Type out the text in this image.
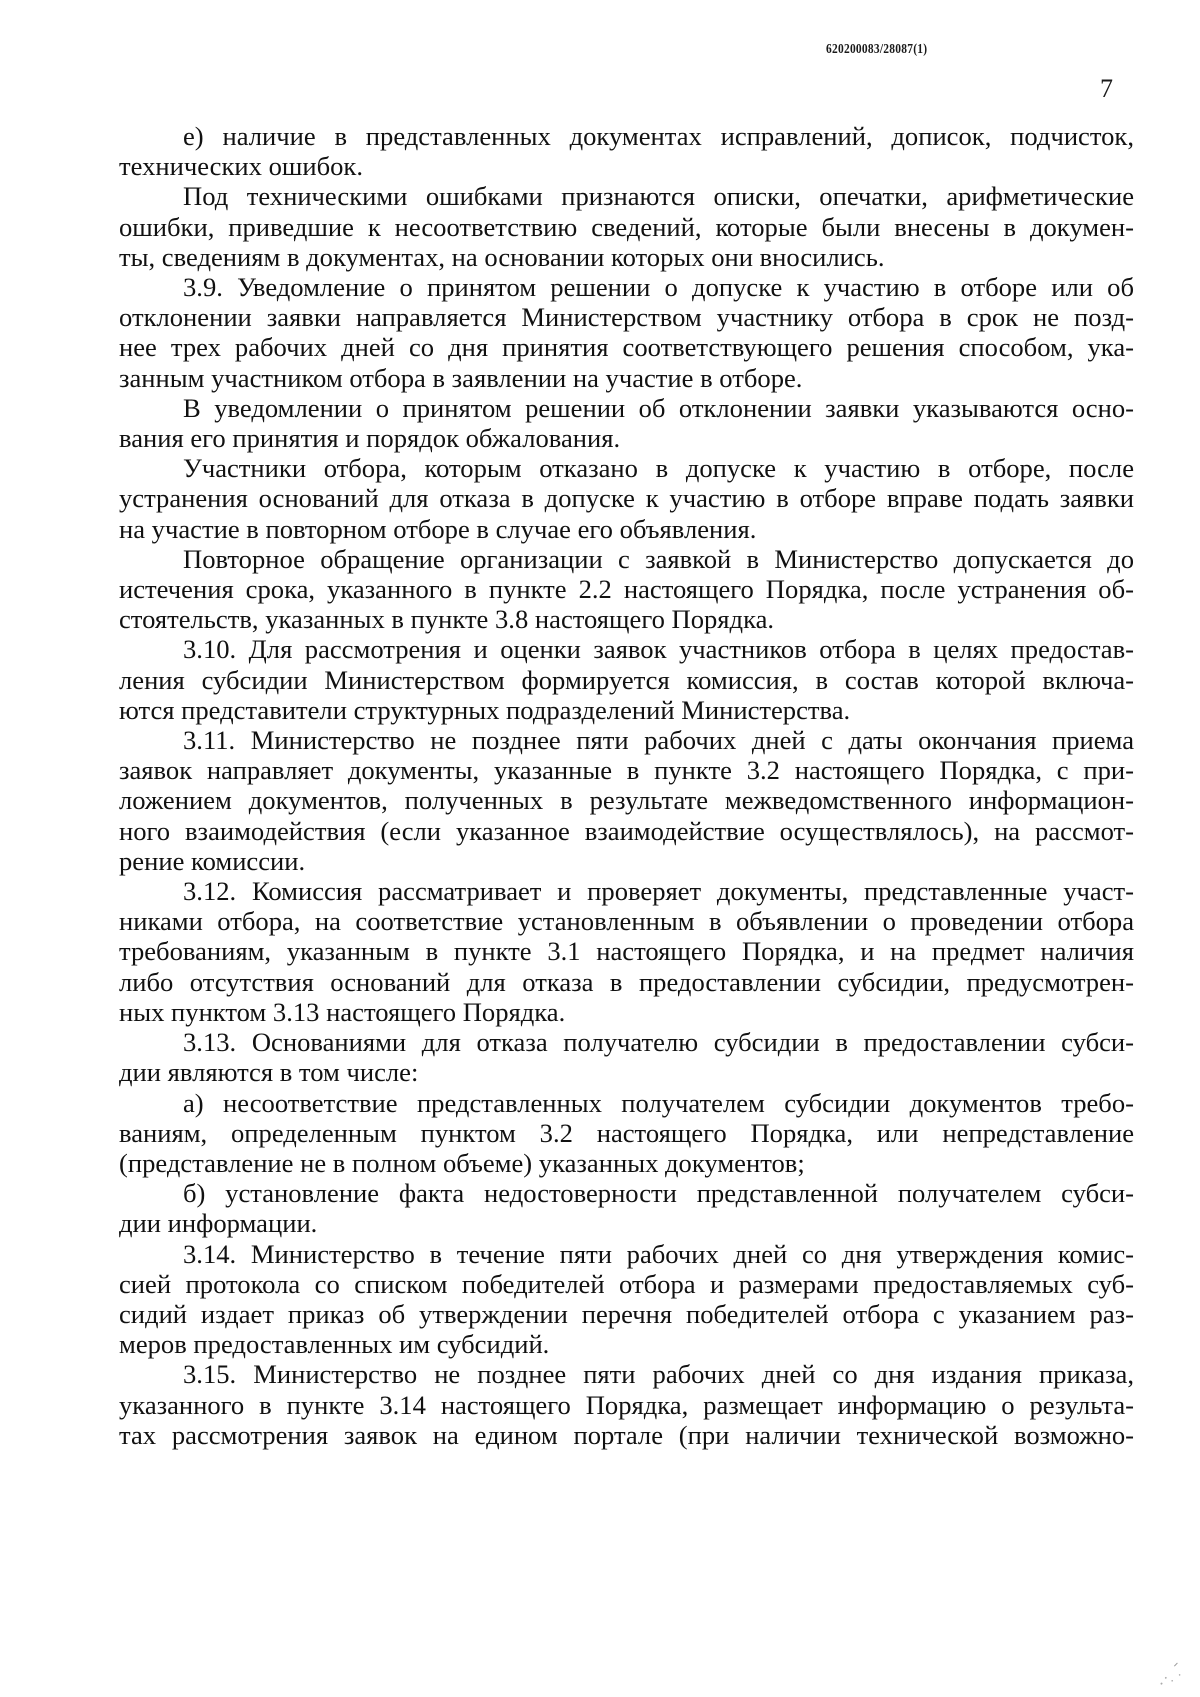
620200083/28087(1)
7
е) наличие в представленных документах исправлений, дописок, подчисток,
технических ошибок.
Под техническими ошибками признаются описки, опечатки, арифметические
ошибки, приведшие к несоответствию сведений, которые были внесены в докумен-
ты, сведениям в документах, на основании которых они вносились.
3.9. Уведомление о принятом решении о допуске к участию в отборе или об
отклонении заявки направляется Министерством участнику отбора в срок не позд-
нее трех рабочих дней со дня принятия соответствующего решения способом, ука-
занным участником отбора в заявлении на участие в отборе.
В уведомлении о принятом решении об отклонении заявки указываются осно-
вания его принятия и порядок обжалования.
Участники отбора, которым отказано в допуске к участию в отборе, после
устранения оснований для отказа в допуске к участию в отборе вправе подать заявки
на участие в повторном отборе в случае его объявления.
Повторное обращение организации с заявкой в Министерство допускается до
истечения срока, указанного в пункте 2.2 настоящего Порядка, после устранения об-
стоятельств, указанных в пункте 3.8 настоящего Порядка.
3.10. Для рассмотрения и оценки заявок участников отбора в целях предостав-
ления субсидии Министерством формируется комиссия, в состав которой включа-
ются представители структурных подразделений Министерства.
3.11. Министерство не позднее пяти рабочих дней с даты окончания приема
заявок направляет документы, указанные в пункте 3.2 настоящего Порядка, с при-
ложением документов, полученных в результате межведомственного информацион-
ного взаимодействия (если указанное взаимодействие осуществлялось), на рассмот-
рение комиссии.
3.12. Комиссия рассматривает и проверяет документы, представленные участ-
никами отбора, на соответствие установленным в объявлении о проведении отбора
требованиям, указанным в пункте 3.1 настоящего Порядка, и на предмет наличия
либо отсутствия оснований для отказа в предоставлении субсидии, предусмотрен-
ных пунктом 3.13 настоящего Порядка.
3.13. Основаниями для отказа получателю субсидии в предоставлении субси-
дии являются в том числе:
а) несоответствие представленных получателем субсидии документов требо-
ваниям, определенным пунктом 3.2 настоящего Порядка, или непредставление
(представление не в полном объеме) указанных документов;
б) установление факта недостоверности представленной получателем субси-
дии информации.
3.14. Министерство в течение пяти рабочих дней со дня утверждения комис-
сией протокола со списком победителей отбора и размерами предоставляемых суб-
сидий издает приказ об утверждении перечня победителей отбора с указанием раз-
меров предоставленных им субсидий.
3.15. Министерство не позднее пяти рабочих дней со дня издания приказа,
указанного в пункте 3.14 настоящего Порядка, размещает информацию о результа-
тах рассмотрения заявок на едином портале (при наличии технической возможно-
